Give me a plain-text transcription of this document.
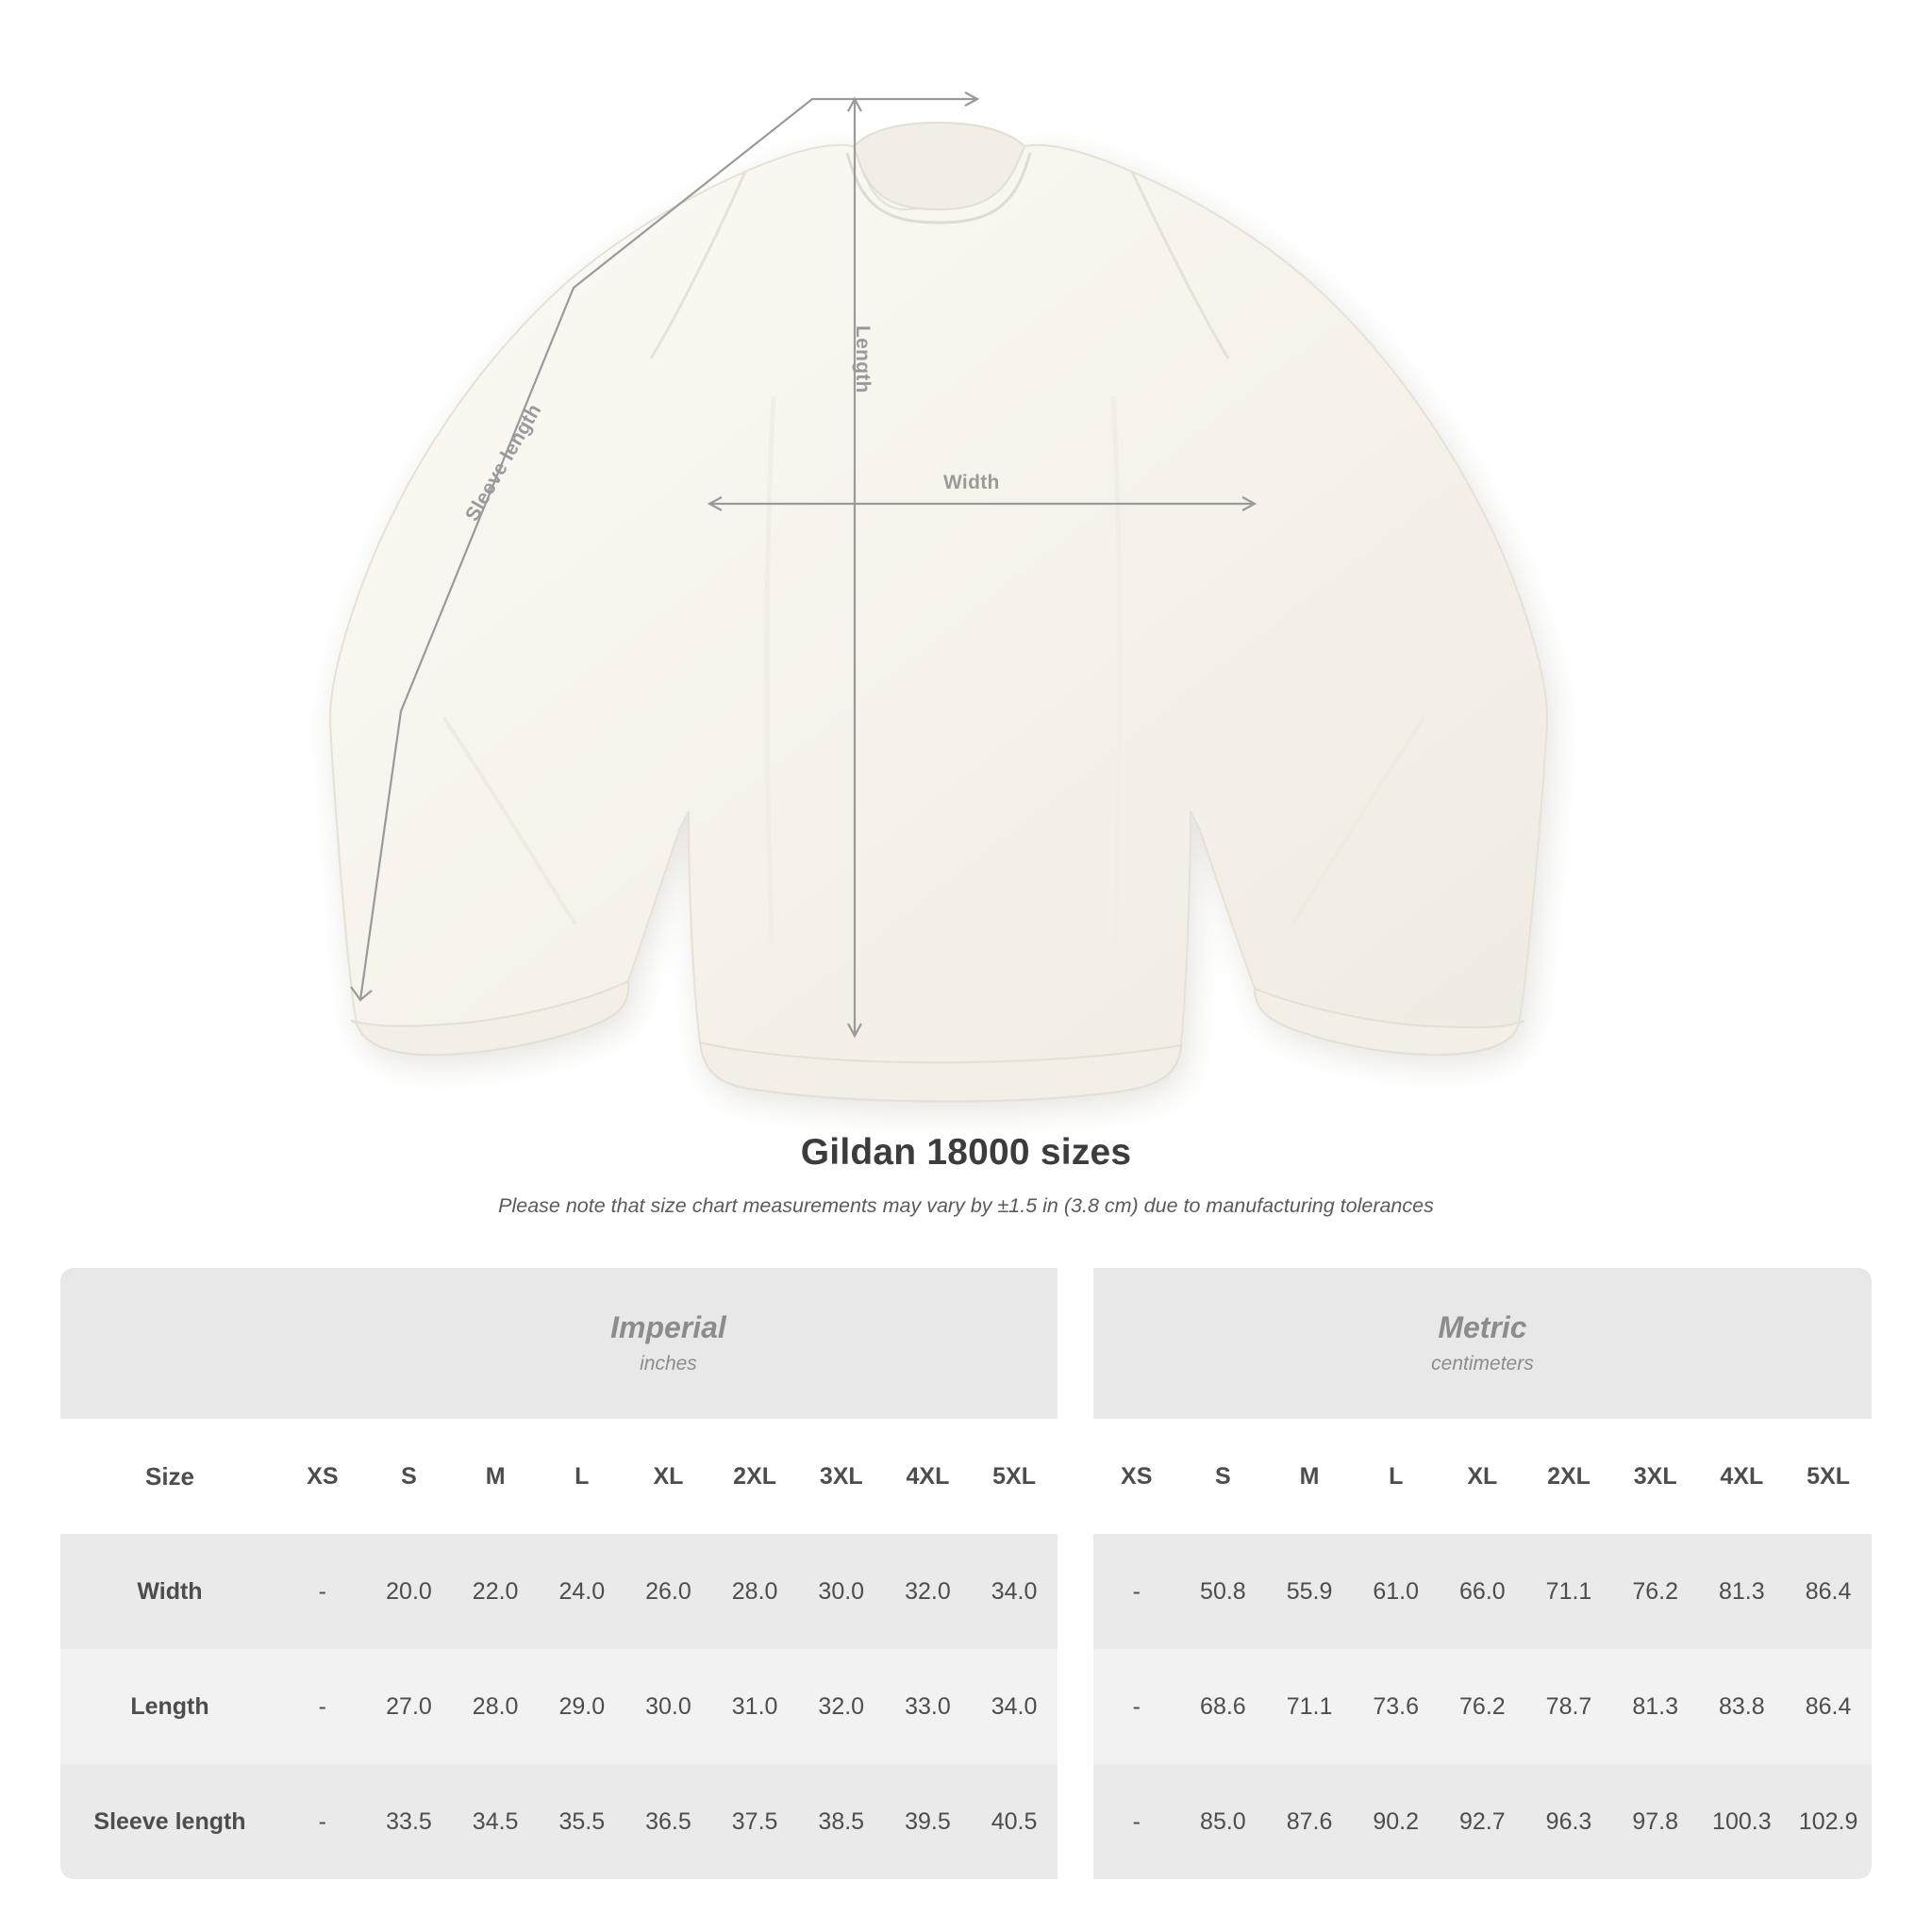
Length
Width
Sleeve length
Gildan 18000 sizes
Please note that size chart measurements may vary by ±1.5 in (3.8 cm) due to manufacturing tolerances

	Imperial
inches										Metric
centimeters								

Size	XS	S	M	L	XL	2XL	3XL	4XL	5XL		XS	S	M	L	XL	2XL	3XL	4XL	5XL
Width	-	20.0	22.0	24.0	26.0	28.0	30.0	32.0	34.0		-	50.8	55.9	61.0	66.0	71.1	76.2	81.3	86.4
Length	-	27.0	28.0	29.0	30.0	31.0	32.0	33.0	34.0		-	68.6	71.1	73.6	76.2	78.7	81.3	83.8	86.4
Sleeve length	-	33.5	34.5	35.5	36.5	37.5	38.5	39.5	40.5		-	85.0	87.6	90.2	92.7	96.3	97.8	100.3	102.9
